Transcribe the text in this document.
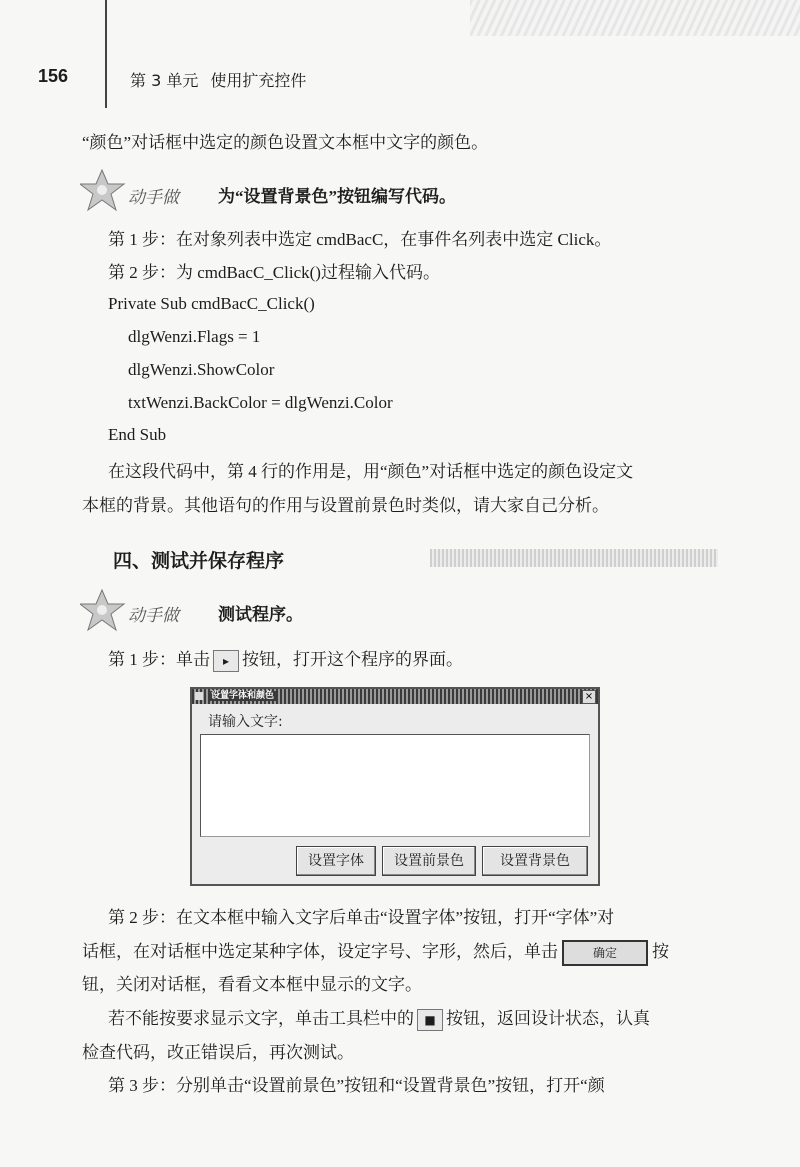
156	第 3 单元 使用扩充控件
“颜色”对话框中选定的颜色设置文本框中文字的颜色。
动手做 为“设置背景色”按钮编写代码。
第 1 步：在对象列表中选定 cmdBacC，在事件名列表中选定 Click。
第 2 步：为 cmdBacC_Click()过程输入代码。
Private Sub cmdBacC_Click()
dlgWenzi.Flags = 1
dlgWenzi.ShowColor
txtWenzi.BackColor = dlgWenzi.Color
End Sub
在这段代码中，第 4 行的作用是，用“颜色”对话框中选定的颜色设定文
本框的背景。其他语句的作用与设置前景色时类似，请大家自己分析。
四、测试并保存程序
动手做 测试程序。
第 1 步：单击 ▸ 按钮，打开这个程序的界面。
设置字体和颜色	×
请输入文字:
设置字体	设置前景色	设置背景色
第 2 步：在文本框中输入文字后单击“设置字体”按钮，打开“字体”对
话框，在对话框中选定某种字体，设定字号、字形，然后，单击	确定 按
钮，关闭对话框，看看文本框中显示的文字。
若不能按要求显示文字，单击工具栏中的 ■ 按钮，返回设计状态，认真
检查代码，改正错误后，再次测试。
第 3 步：分别单击“设置前景色”按钮和“设置背景色”按钮，打开“颜
